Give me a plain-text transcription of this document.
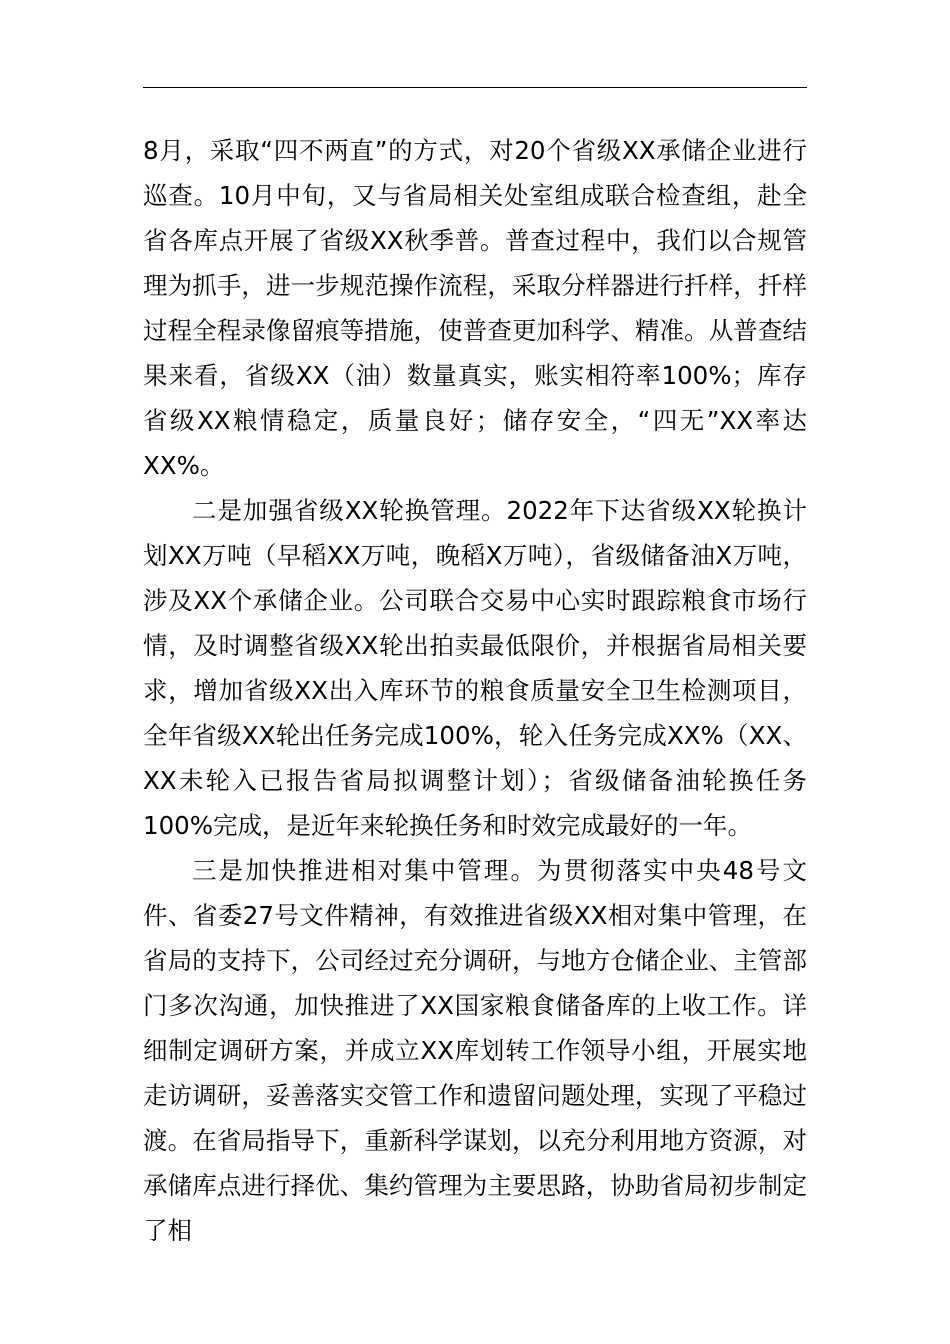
8月，采取“四不两直”的方式，对20个省级XX承储企业进行巡查。10月中旬，又与省局相关处室组成联合检查组，赴全省各库点开展了省级XX秋季普。普查过程中，我们以合规管理为抓手，进一步规范操作流程，采取分样器进行扦样，扦样过程全程录像留痕等措施，使普查更加科学、精准。从普查结果来看，省级XX（油）数量真实，账实相符率100%；库存省级XX粮情稳定，质量良好；储存安全，“四无”XX率达XX%。

二是加强省级XX轮换管理。2022年下达省级XX轮换计划XX万吨（早稻XX万吨，晚稻X万吨），省级储备油X万吨，涉及XX个承储企业。公司联合交易中心实时跟踪粮食市场行情，及时调整省级XX轮出拍卖最低限价，并根据省局相关要求，增加省级XX出入库环节的粮食质量安全卫生检测项目，全年省级XX轮出任务完成100%，轮入任务完成XX%（XX、XX未轮入已报告省局拟调整计划）；省级储备油轮换任务100%完成，是近年来轮换任务和时效完成最好的一年。

三是加快推进相对集中管理。为贯彻落实中央48号文件、省委27号文件精神，有效推进省级XX相对集中管理，在省局的支持下，公司经过充分调研，与地方仓储企业、主管部门多次沟通，加快推进了XX国家粮食储备库的上收工作。详细制定调研方案，并成立XX库划转工作领导小组，开展实地走访调研，妥善落实交管工作和遗留问题处理，实现了平稳过渡。在省局指导下，重新科学谋划，以充分利用地方资源，对承储库点进行择优、集约管理为主要思路，协助省局初步制定了相
